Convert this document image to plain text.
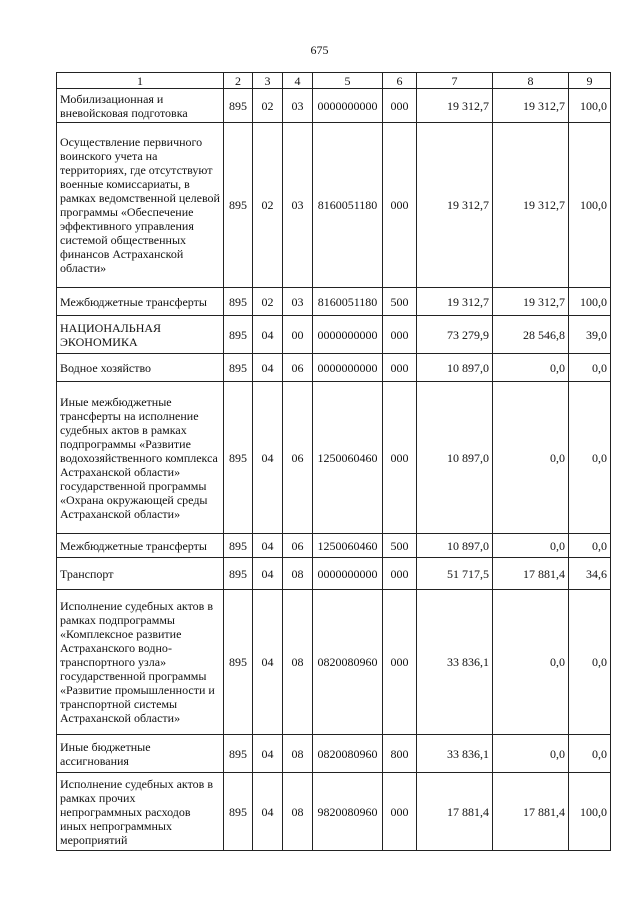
675
1	2	3	4	5	6	7	8	9
Мобилизационная и вневойсковая подготовка	895	02	03	0000000000	000	19 312,7	19 312,7	100,0
Осуществление первичного воинского учета на территориях, где отсутствуют военные комиссариаты, в рамках ведомственной целевой программы «Обеспечение эффективного управления системой общественных финансов Астраханской области»	895	02	03	8160051180	000	19 312,7	19 312,7	100,0
Межбюджетные трансферты	895	02	03	8160051180	500	19 312,7	19 312,7	100,0
НАЦИОНАЛЬНАЯ ЭКОНОМИКА	895	04	00	0000000000	000	73 279,9	28 546,8	39,0
Водное хозяйство	895	04	06	0000000000	000	10 897,0	0,0	0,0
Иные межбюджетные трансферты на исполнение судебных актов в рамках подпрограммы «Развитие водохозяйственного комплекса Астраханской области» государственной программы «Охрана окружающей среды Астраханской области»	895	04	06	1250060460	000	10 897,0	0,0	0,0
Межбюджетные трансферты	895	04	06	1250060460	500	10 897,0	0,0	0,0
Транспорт	895	04	08	0000000000	000	51 717,5	17 881,4	34,6
Исполнение судебных актов в рамках подпрограммы «Комплексное развитие Астраханского воднотранспортного узла» государственной программы «Развитие промышленности и транспортной системы Астраханской области»	895	04	08	0820080960	000	33 836,1	0,0	0,0
Иные бюджетные ассигнования	895	04	08	0820080960	800	33 836,1	0,0	0,0
Исполнение судебных актов в рамках прочих непрограммных расходов иных непрограммных мероприятий	895	04	08	9820080960	000	17 881,4	17 881,4	100,0
